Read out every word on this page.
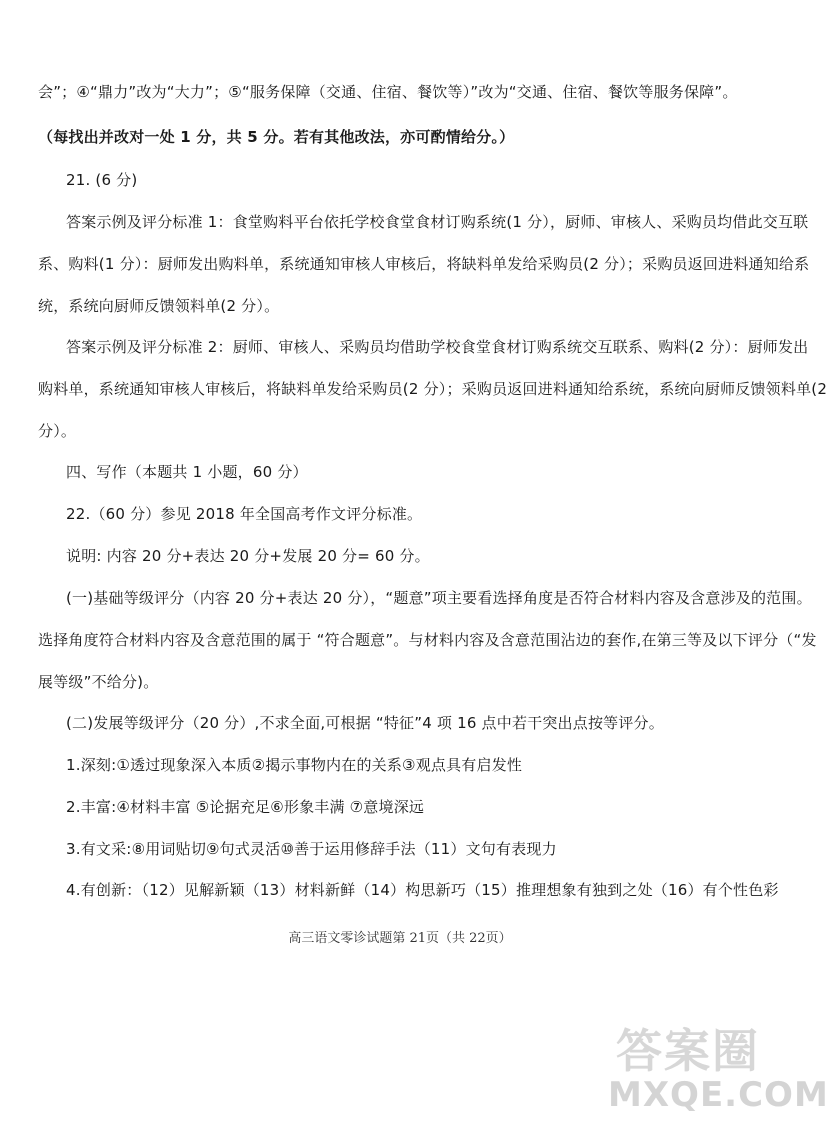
会”；④“鼎力”改为“大力”；⑤“服务保障（交通、住宿、餐饮等）”改为“交通、住宿、餐饮等服务保障”。
（每找出并改对一处 1 分，共 5 分。若有其他改法，亦可酌情给分。）
21. (6 分)
答案示例及评分标准 1：食堂购料平台依托学校食堂食材订购系统(1 分），厨师、审核人、采购员均借此交互联
系、购料(1 分）：厨师发出购料单，系统通知审核人审核后，将缺料单发给采购员(2 分）；采购员返回进料通知给系
统，系统向厨师反馈领料单(2 分）。
答案示例及评分标准 2：厨师、审核人、采购员均借助学校食堂食材订购系统交互联系、购料(2 分）：厨师发出
购料单，系统通知审核人审核后，将缺料单发给采购员(2 分）；采购员返回进料通知给系统，系统向厨师反馈领料单(2
分）。
四、写作（本题共 1 小题，60 分）
22.（60 分）参见 2018 年全国高考作文评分标准。
说明: 内容 20 分+表达 20 分+发展 20 分= 60 分。
(一)基础等级评分（内容 20 分+表达 20 分），“题意”项主要看选择角度是否符合材料内容及含意涉及的范围。
选择角度符合材料内容及含意范围的属于 “符合题意”。与材料内容及含意范围沾边的套作,在第三等及以下评分（“发
展等级”不给分)。
(二)发展等级评分（20 分）,不求全面,可根据 “特征”4 项 16 点中若干突出点按等评分。
1.深刻:①透过现象深入本质②揭示事物内在的关系③观点具有启发性
2.丰富:④材料丰富 ⑤论据充足⑥形象丰满 ⑦意境深远
3.有文采:⑧用词贴切⑨句式灵活⑩善于运用修辞手法（11）文句有表现力
4.有创新：（12）见解新颖（13）材料新鲜（14）构思新巧（15）推理想象有独到之处（16）有个性色彩
高三语文零诊试题第 21页（共 22页）
答案圈
MXQE.COM
